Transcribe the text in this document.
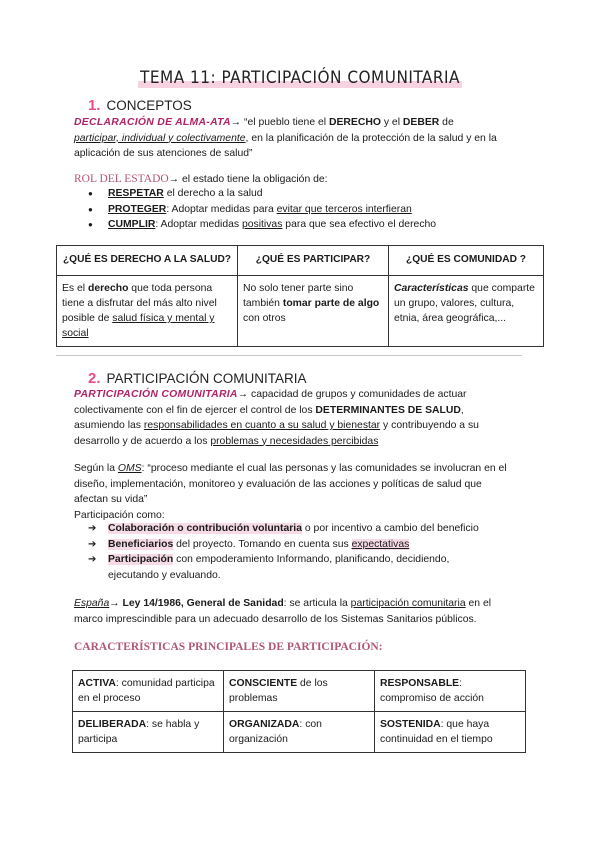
TEMA 11: PARTICIPACIÓN COMUNITARIA
1. CONCEPTOS
DECLARACIÓN DE ALMA-ATA→ “el pueblo tiene el DERECHO y el DEBER de
participar, individual y colectivamente, en la planificación de la protección de la salud y en la
aplicación de sus atenciones de salud”
ROL DEL ESTADO→ el estado tiene la obligación de:
● RESPETAR el derecho a la salud
● PROTEGER: Adoptar medidas para evitar que terceros interfieran
● CUMPLIR: Adoptar medidas positivas para que sea efectivo el derecho
¿QUÉ ES DERECHO A LA SALUD?	¿QUÉ ES PARTICIPAR?	¿QUÉ ES COMUNIDAD ?
Es el derecho que toda persona tiene a disfrutar del más alto nivel posible de salud física y mental y social	No solo tener parte sino también tomar parte de algo con otros	Características que comparte un grupo, valores, cultura, etnia, área geográfica,...
2. PARTICIPACIÓN COMUNITARIA
PARTICIPACIÓN COMUNITARIA→ capacidad de grupos y comunidades de actuar
colectivamente con el fin de ejercer el control de los DETERMINANTES DE SALUD,
asumiendo las responsabilidades en cuanto a su salud y bienestar y contribuyendo a su
desarrollo y de acuerdo a los problemas y necesidades percibidas
Según la OMS: “proceso mediante el cual las personas y las comunidades se involucran en el
diseño, implementación, monitoreo y evaluación de las acciones y políticas de salud que
afectan su vida”
Participación como:
➔ Colaboración o contribución voluntaria o por incentivo a cambio del beneficio
➔ Beneficiarios del proyecto. Tomando en cuenta sus expectativas
➔ Participación con empoderamiento Informando, planificando, decidiendo,
ejecutando y evaluando.
España→ Ley 14/1986, General de Sanidad: se articula la participación comunitaria en el
marco imprescindible para un adecuado desarrollo de los Sistemas Sanitarios públicos.
CARACTERÍSTICAS PRINCIPALES DE PARTICIPACIÓN:
ACTIVA: comunidad participa en el proceso	CONSCIENTE de los problemas	RESPONSABLE: compromiso de acción
DELIBERADA: se habla y participa	ORGANIZADA: con organización	SOSTENIDA: que haya continuidad en el tiempo
